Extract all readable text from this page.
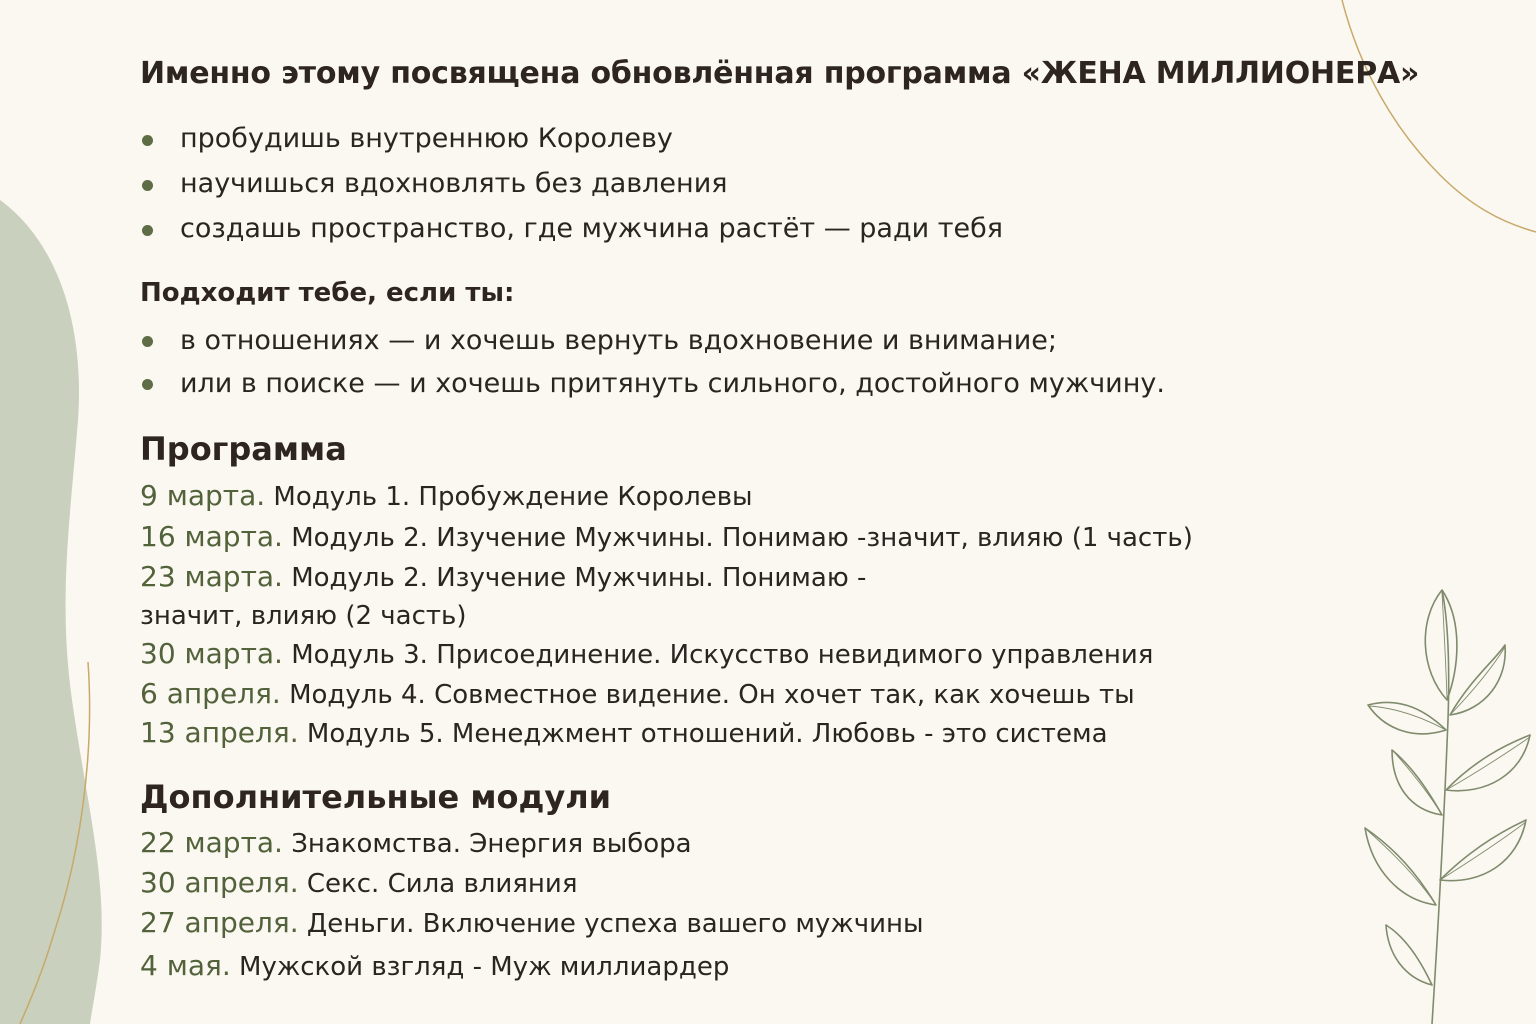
Именно этому посвящена обновлённая программа «ЖЕНА МИЛЛИОНЕРА»
пробудишь внутреннюю Королеву
научишься вдохновлять без давления
создашь пространство, где мужчина растёт — ради тебя
Подходит тебе, если ты:
в отношениях — и хочешь вернуть вдохновение и внимание;
или в поиске — и хочешь притянуть сильного, достойного мужчину.
Программа
9 марта. Модуль 1. Пробуждение Королевы
16 марта. Модуль 2. Изучение Мужчины. Понимаю -значит, влияю (1 часть)
23 марта. Модуль 2. Изучение Мужчины. Понимаю - значит, влияю (2 часть)
30 марта. Модуль 3. Присоединение. Искусство невидимого управления
6 апреля. Модуль 4. Совместное видение. Он хочет так, как хочешь ты
13 апреля. Модуль 5. Менеджмент отношений. Любовь - это система
Дополнительные модули
22 марта. Знакомства. Энергия выбора
30 апреля. Секс. Сила влияния
27 апреля. Деньги. Включение успеха вашего мужчины
4 мая. Мужской взгляд - Муж миллиардер
